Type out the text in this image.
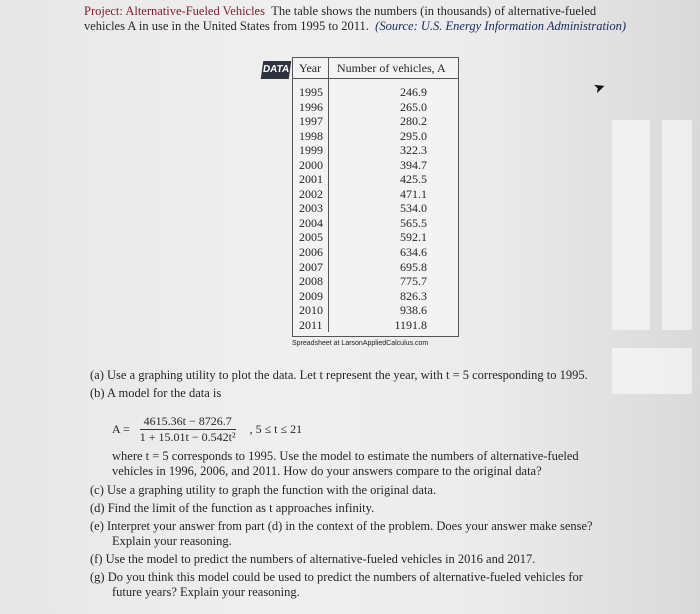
Project: Alternative-Fueled Vehicles The table shows the numbers (in thousands) of alternative-fueled
vehicles A in use in the United States from 1995 to 2011. (Source: U.S. Energy Information Administration)
DATA Year	Number of vehicles, A
1995
1996
1997
1998
1999
2000
2001
2002
2003
2004
2005
2006
2007
2008
2009
2010
2011
246.9
265.0
280.2
295.0
322.3
394.7
425.5
471.1
534.0
565.5
592.1
634.6
695.8
775.7
826.3
938.6
1191.8
Spreadsheet at LarsonAppliedCalculus.com
➤
(a) Use a graphing utility to plot the data. Let t represent the year, with t = 5 corresponding to 1995.
(b) A model for the data is
$A = \frac{4615.36t - 8726.7}{\text{1 + 15.01t − 0.542t²}}$ , 5 ≤ t ≤ 21
where t = 5 corresponds to 1995. Use the model to estimate the numbers of alternative-fueled
vehicles in 1996, 2006, and 2011. How do your answers compare to the original data?
(c) Use a graphing utility to graph the function with the original data.
(d) Find the limit of the function as t approaches infinity.
(e) Interpret your answer from part (d) in the context of the problem. Does your answer make sense?
Explain your reasoning.
(f) Use the model to predict the numbers of alternative-fueled vehicles in 2016 and 2017.
(g) Do you think this model could be used to predict the numbers of alternative-fueled vehicles for
future years? Explain your reasoning.
